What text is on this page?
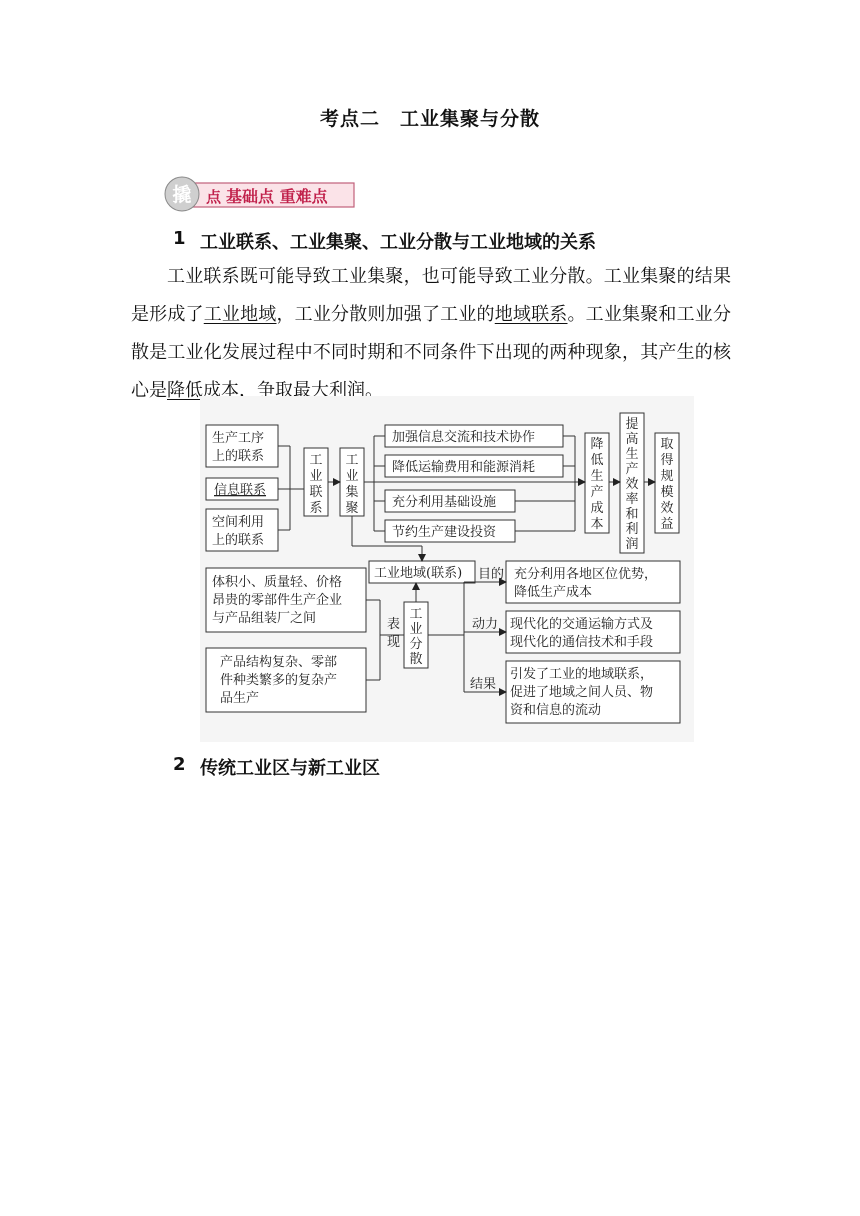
考点二　工业集聚与分散
撬 点 基础点 重难点
1 工业联系、工业集聚、工业分散与工业地域的关系

工业联系既可能导致工业集聚，也可能导致工业分散。工业集聚的结果是形成了工业地域，工业分散则加强了工业的地域联系。工业集聚和工业分散是工业化发展过程中不同时期和不同条件下出现的两种现象，其产生的核心是降低成本，争取最大利润。

生产工序
上的联系
信息联系
空间利用
上的联系
工
业
联
系
工
业
集
聚
加强信息交流和技术协作
降低运输费用和能源消耗
充分利用基础设施
节约生产建设投资
降
低
生
产
成
本
提
高
生
产
效
率
和
利
润
取
得
规
模
效
益
工业地域(联系)
体积小、质量轻、价格
昂贵的零部件生产企业
与产品组装厂之间
产品结构复杂、零部
件种类繁多的复杂产
品生产
表
现
工
业
分
散
目的
动力
结果
充分利用各地区位优势，
降低生产成本
现代化的交通运输方式及
现代化的通信技术和手段
引发了工业的地域联系，
促进了地域之间人员、物
资和信息的流动
2 传统工业区与新工业区
